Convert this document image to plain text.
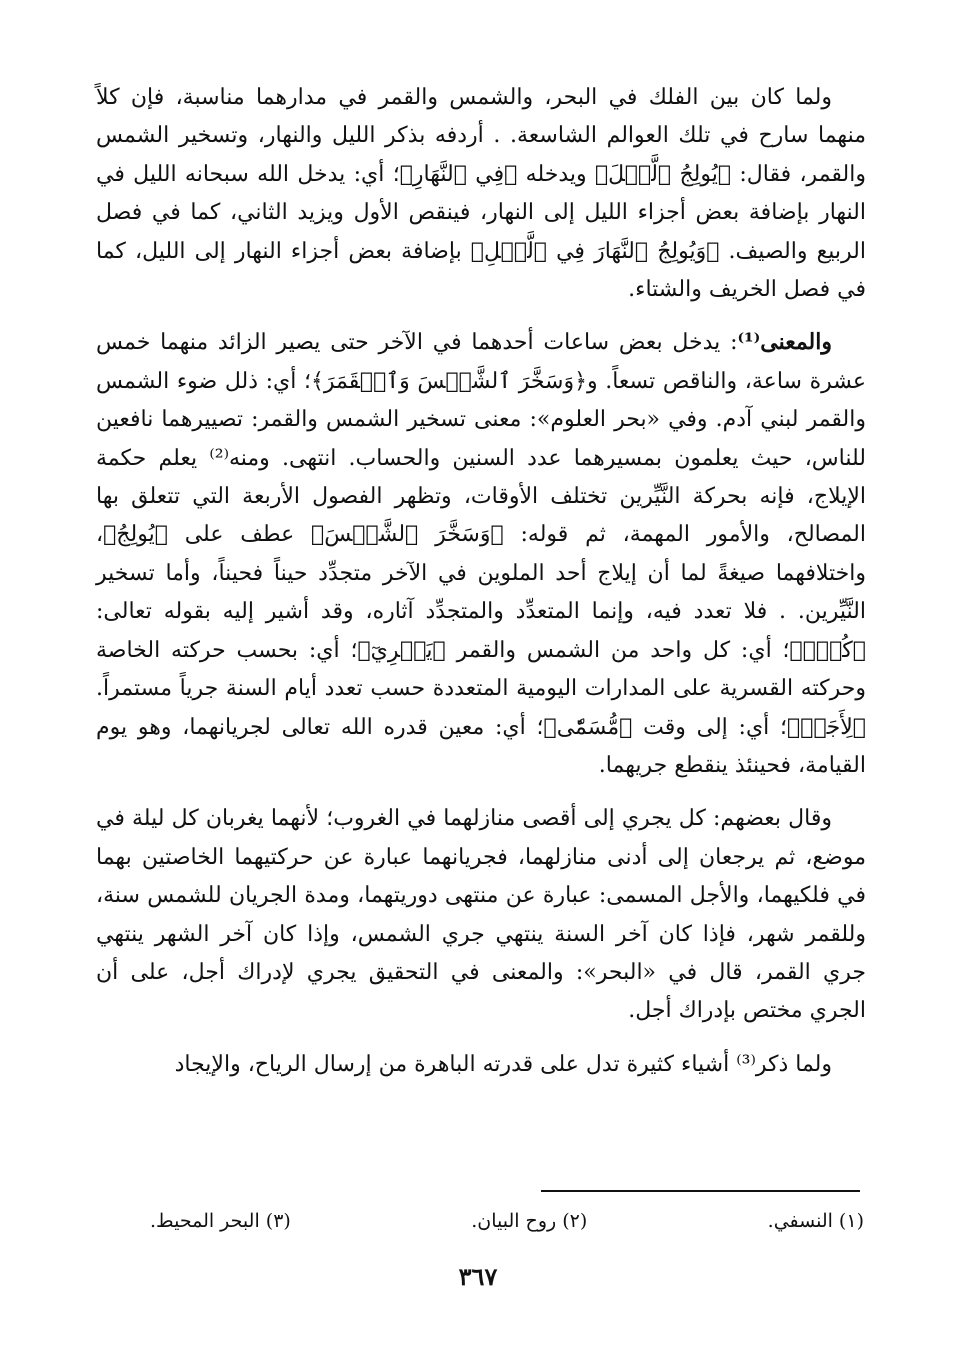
ولما كان بين الفلك في البحر، والشمس والقمر في مدارهما مناسبة، فإن كلاً منهما سارح في تلك العوالم الشاسعة. . أردفه بذكر الليل والنهار، وتسخير الشمس والقمر، فقال: ﴿يُولِجُ ٱلَّيۡلَ﴾ ويدخله ﴿فِي ٱلنَّهَارِ﴾؛ أي: يدخل الله سبحانه الليل في النهار بإضافة بعض أجزاء الليل إلى النهار، فينقص الأول ويزيد الثاني، كما في فصل الربيع والصيف. ﴿وَيُولِجُ ٱلنَّهَارَ فِي ٱلَّيۡلِ﴾ بإضافة بعض أجزاء النهار إلى الليل، كما في فصل الخريف والشتاء.

والمعنى⁽¹⁾: يدخل بعض ساعات أحدهما في الآخر حتى يصير الزائد منهما خمس عشرة ساعة، والناقص تسعاً. و﴿وَسَخَّرَ ٱلشَّمۡسَ وَٱلۡقَمَرَ﴾؛ أي: ذلل ضوء الشمس والقمر لبني آدم. وفي «بحر العلوم»: معنى تسخير الشمس والقمر: تصييرهما نافعين للناس، حيث يعلمون بمسيرهما عدد السنين والحساب. انتهى. ومنه⁽²⁾ يعلم حكمة الإيلاج، فإنه بحركة النَّيِّرين تختلف الأوقات، وتظهر الفصول الأربعة التي تتعلق بها المصالح، والأمور المهمة، ثم قوله: ﴿وَسَخَّرَ ٱلشَّمۡسَ﴾ عطف على ﴿يُولِجُ﴾، واختلافهما صيغةً لما أن إيلاج أحد الملوين في الآخر متجدِّد حيناً فحيناً، وأما تسخير النَّيِّرين. . فلا تعدد فيه، وإنما المتعدِّد والمتجدِّد آثاره، وقد أشير إليه بقوله تعالى: ﴿كُلّٞ﴾؛ أي: كل واحد من الشمس والقمر ﴿يَجۡرِيٓ﴾؛ أي: بحسب حركته الخاصة وحركته القسرية على المدارات اليومية المتعددة حسب تعدد أيام السنة جرياً مستمراً. ﴿لِأَجَلٖ﴾؛ أي: إلى وقت ﴿مُّسَمّٗى﴾؛ أي: معين قدره الله تعالى لجريانهما، وهو يوم القيامة، فحينئذ ينقطع جريهما.

وقال بعضهم: كل يجري إلى أقصى منازلهما في الغروب؛ لأنهما يغربان كل ليلة في موضع، ثم يرجعان إلى أدنى منازلهما، فجريانهما عبارة عن حركتيهما الخاصتين بهما في فلكيهما، والأجل المسمى: عبارة عن منتهى دوريتهما، ومدة الجريان للشمس سنة، وللقمر شهر، فإذا كان آخر السنة ينتهي جري الشمس، وإذا كان آخر الشهر ينتهي جري القمر، قال في «البحر»: والمعنى في التحقيق يجري لإدراك أجل، على أن الجري مختص بإدراك أجل.

ولما ذكر⁽³⁾ أشياء كثيرة تدل على قدرته الباهرة من إرسال الرياح، والإيجاد

(١) النسفي.
(٢) روح البيان.
(٣) البحر المحيط.
٣٦٧
